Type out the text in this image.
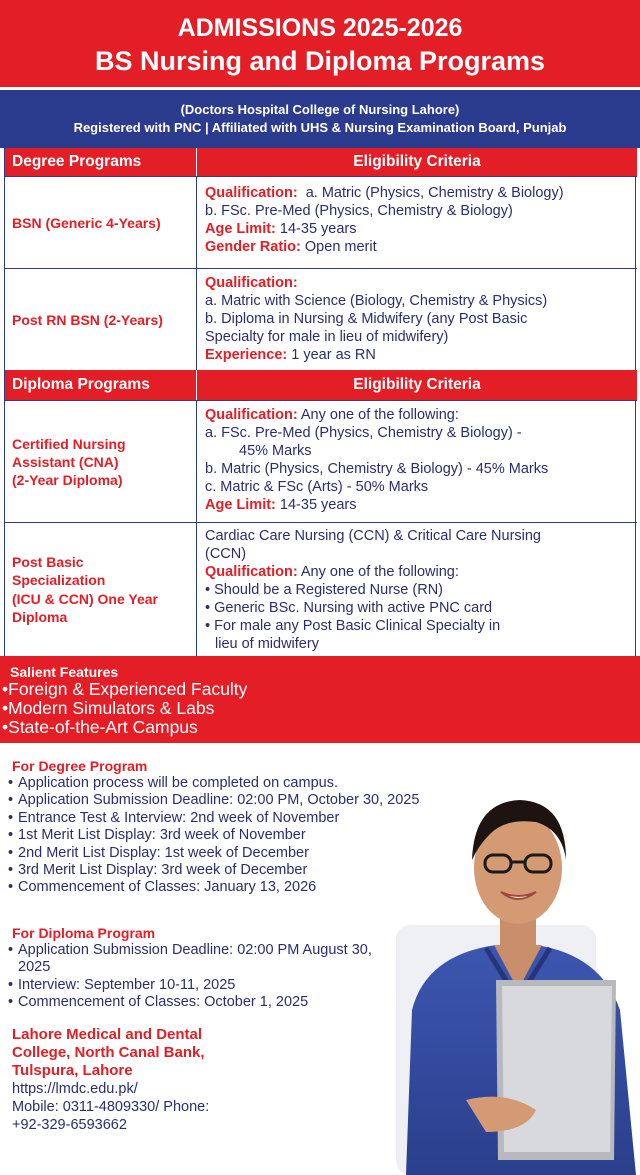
ADMISSIONS 2025-2026
BS Nursing and Diploma Programs
(Doctors Hospital College of Nursing Lahore)
Registered with PNC | Affiliated with UHS & Nursing Examination Board, Punjab
Degree Programs	Eligibility Criteria
BSN (Generic 4-Years)
Qualification: a. Matric (Physics, Chemistry & Biology)
b. FSc. Pre-Med (Physics, Chemistry & Biology)
Age Limit: 14-35 years
Gender Ratio: Open merit
Post RN BSN (2-Years)
Qualification:
a. Matric with Science (Biology, Chemistry & Physics)
b. Diploma in Nursing & Midwifery (any Post Basic
Specialty for male in lieu of midwifery)
Experience: 1 year as RN
Diploma Programs	Eligibility Criteria
Certified Nursing
Assistant (CNA)
(2-Year Diploma)
Qualification: Any one of the following:
a. FSc. Pre-Med (Physics, Chemistry & Biology) -
45% Marks
b. Matric (Physics, Chemistry & Biology) - 45% Marks
c. Matric & FSc (Arts) - 50% Marks
Age Limit: 14-35 years
Post Basic
Specialization
(ICU & CCN) One Year
Diploma
Cardiac Care Nursing (CCN) & Critical Care Nursing
(CCN)
Qualification: Any one of the following:
• Should be a Registered Nurse (RN)
• Generic BSc. Nursing with active PNC card
• For male any Post Basic Clinical Specialty in
lieu of midwifery
Salient Features
•Foreign & Experienced Faculty
•Modern Simulators & Labs
•State-of-the-Art Campus
For Degree Program
• Application process will be completed on campus.
• Application Submission Deadline: 02:00 PM, October 30, 2025
• Entrance Test & Interview: 2nd week of November
• 1st Merit List Display: 3rd week of November
• 2nd Merit List Display: 1st week of December
• 3rd Merit List Display: 3rd week of December
• Commencement of Classes: January 13, 2026
For Diploma Program
• Application Submission Deadline: 02:00 PM August 30, 2025
• Interview: September 10-11, 2025
• Commencement of Classes: October 1, 2025
Lahore Medical and Dental
College, North Canal Bank,
Tulspura, Lahore
https://lmdc.edu.pk/
Mobile: 0311-4809330/ Phone:
+92-329-6593662
